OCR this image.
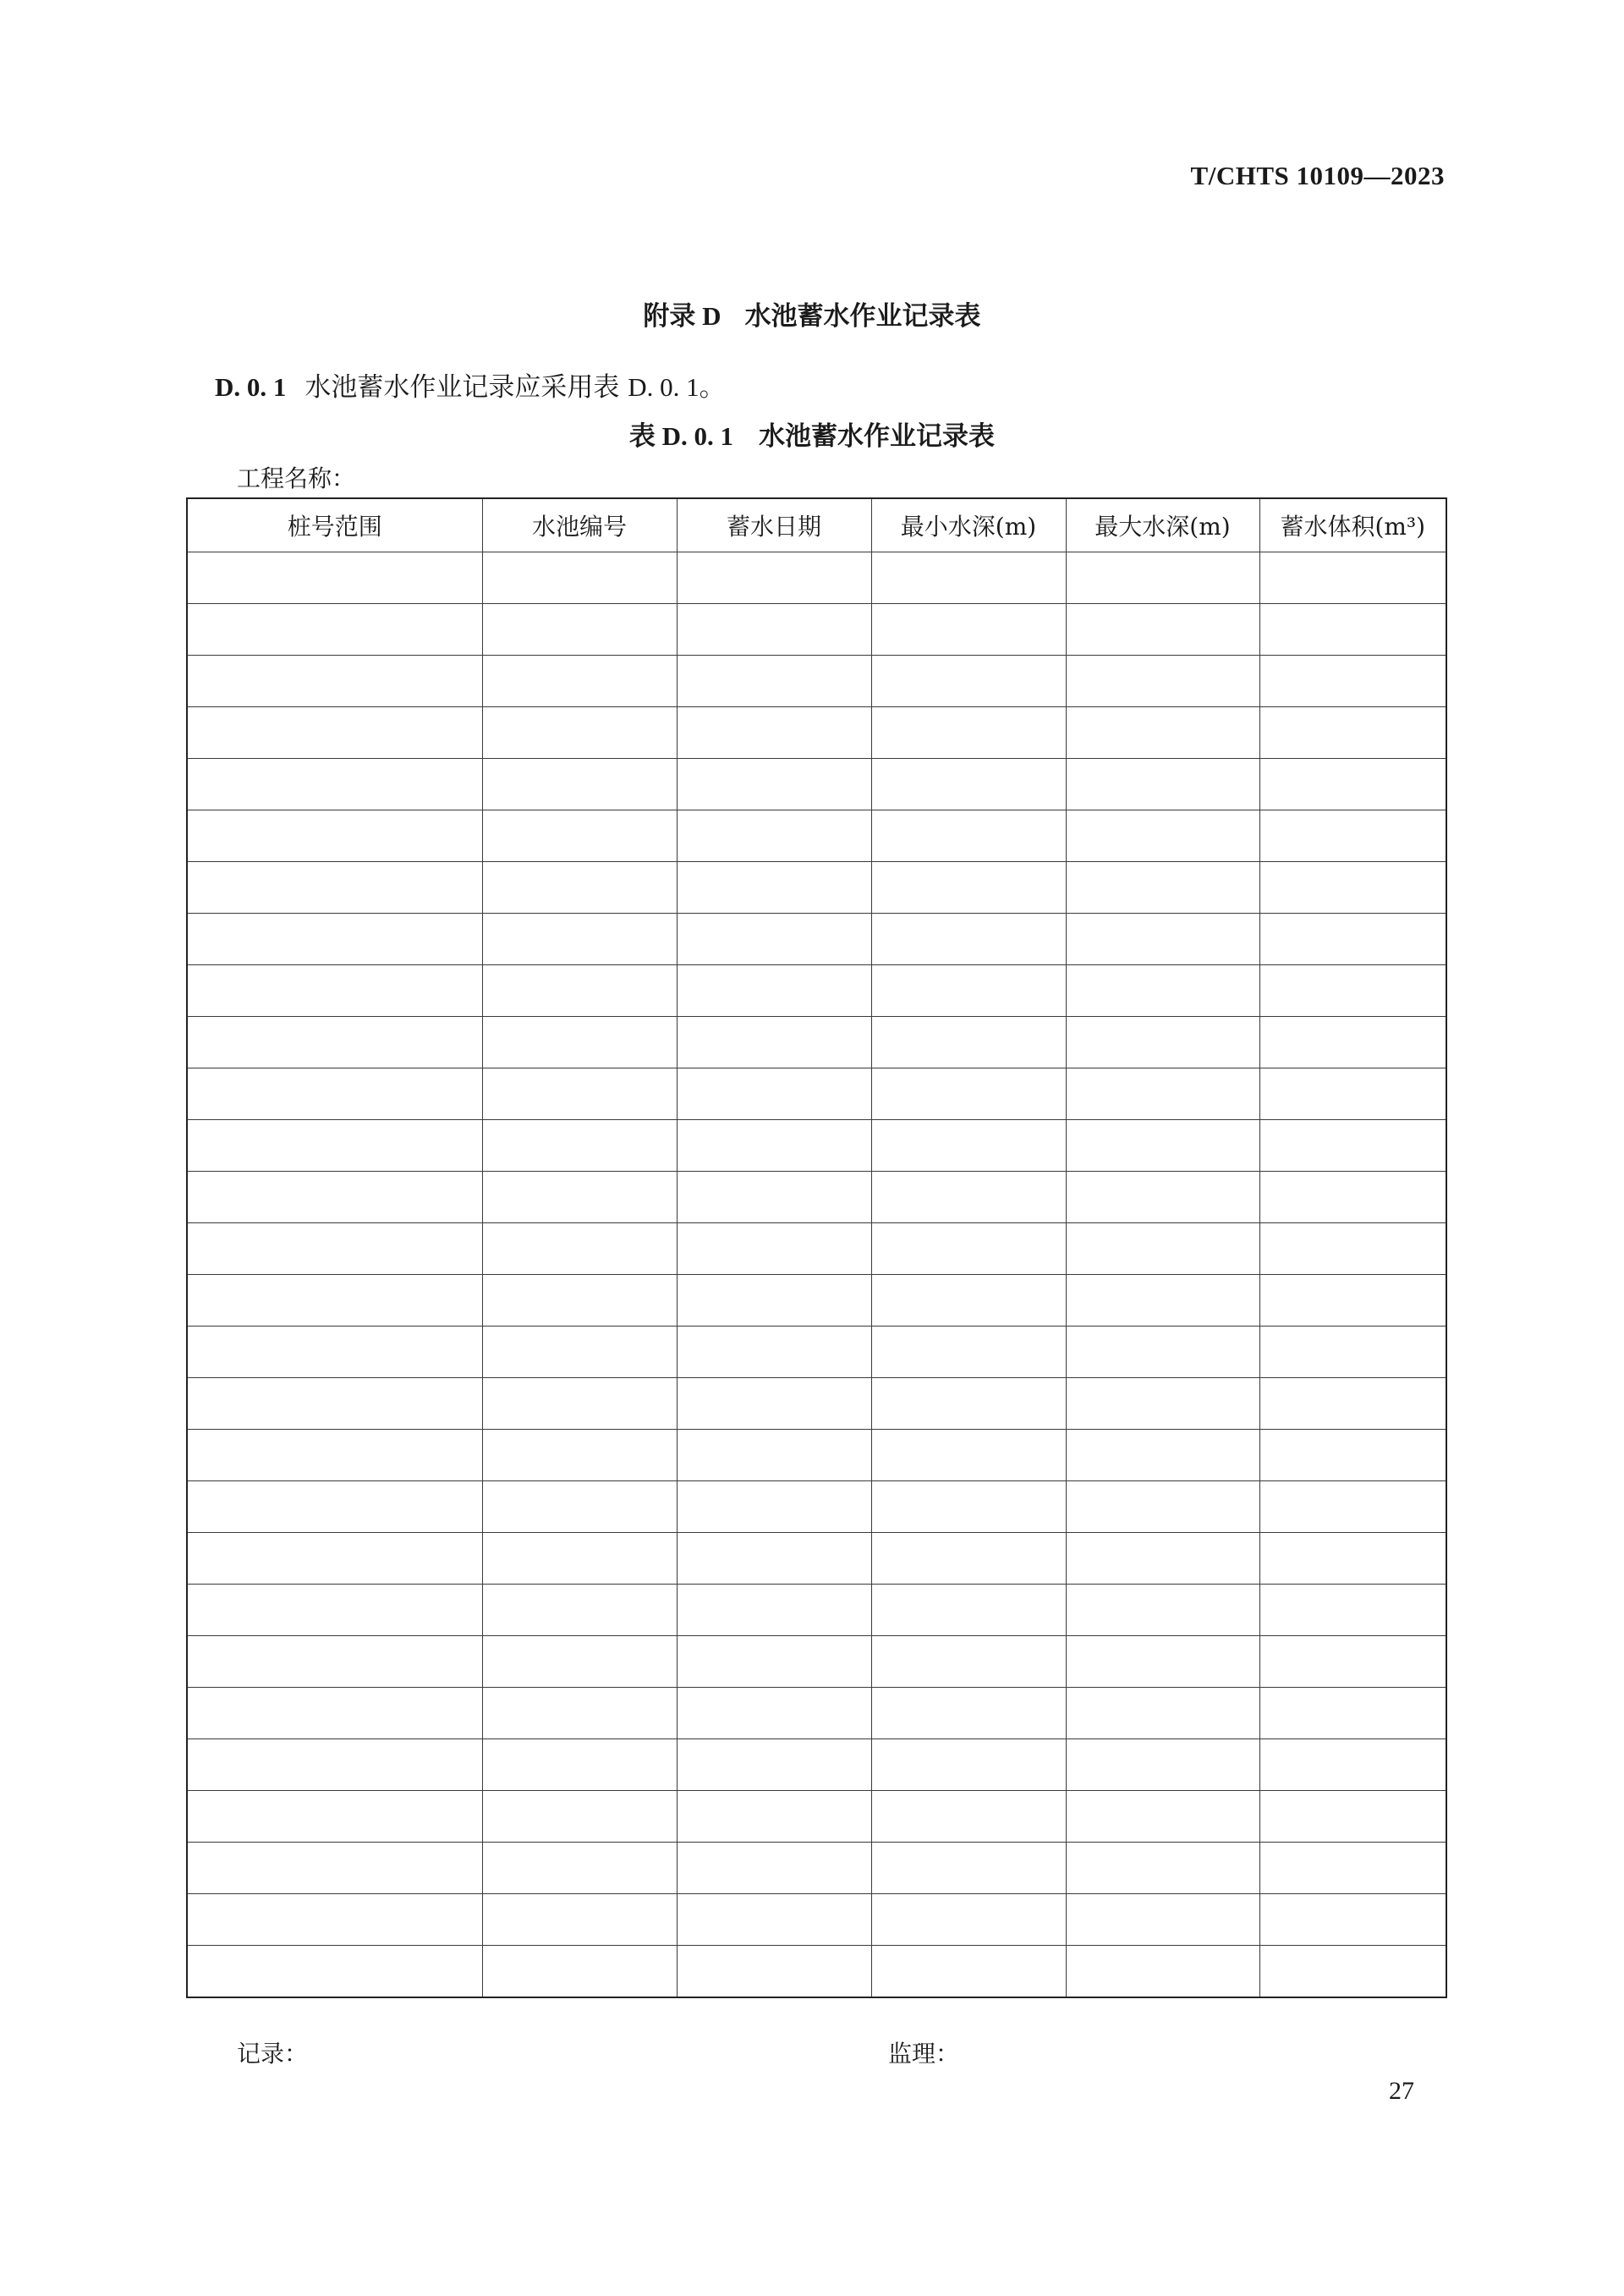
T/CHTS 10109—2023
附录 D 水池蓄水作业记录表
D. 0. 1 水池蓄水作业记录应采用表 D. 0. 1。
表 D. 0. 1 水池蓄水作业记录表
工程名称：
桩号范围	水池编号	蓄水日期	最小水深(m)	最大水深(m)	蓄水体积(m³)

记录：	监理：
27
